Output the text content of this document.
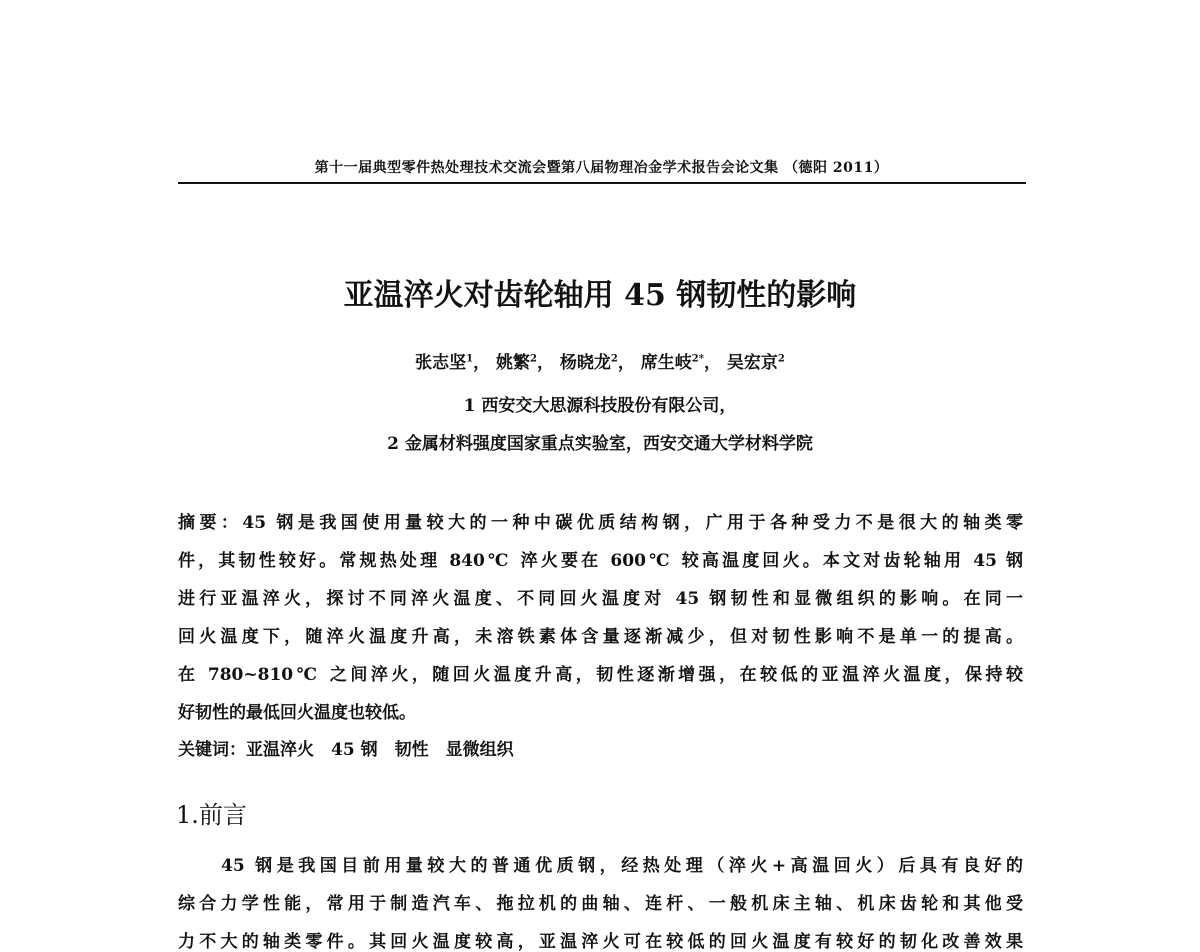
第十一届典型零件热处理技术交流会暨第八届物理冶金学术报告会论文集 （德阳 2011）
亚温淬火对齿轮轴用 45 钢韧性的影响
张志坚$^1$， 姚繁$^2$， 杨晓龙$^2$， 席生岐$^{2*}$， 吴宏京$^2$
1 西安交大思源科技股份有限公司，
2 金属材料强度国家重点实验室，西安交通大学材料学院
摘要：45 钢是我国使用量较大的一种中碳优质结构钢，广用于各种受力不是很大的轴类零
件，其韧性较好。常规热处理 840℃ 淬火要在 600℃ 较高温度回火。本文对齿轮轴用 45 钢
进行亚温淬火，探讨不同淬火温度、不同回火温度对 45 钢韧性和显微组织的影响。在同一
回火温度下，随淬火温度升高，未溶铁素体含量逐渐减少，但对韧性影响不是单一的提高。
在 780~810℃ 之间淬火，随回火温度升高，韧性逐渐增强，在较低的亚温淬火温度，保持较
好韧性的最低回火温度也较低。
关键词：亚温淬火　45 钢　韧性　显微组织
1.前言
　　45 钢是我国目前用量较大的普通优质钢，经热处理（淬火+高温回火）后具有良好的
综合力学性能，常用于制造汽车、拖拉机的曲轴、连杆、一般机床主轴、机床齿轮和其他受
力不大的轴类零件。其回火温度较高，亚温淬火可在较低的回火温度有较好的韧化改善效果
